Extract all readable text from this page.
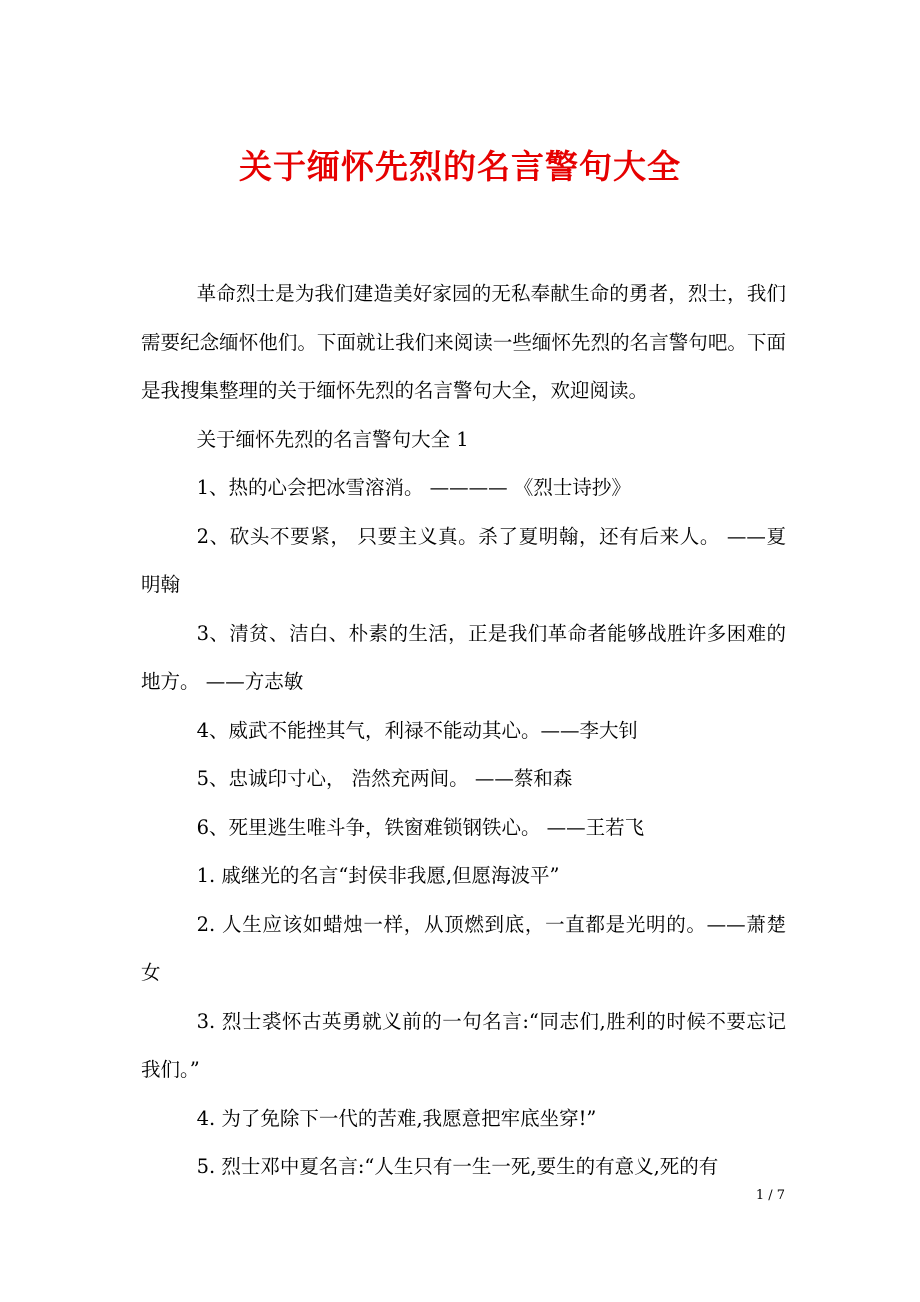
关于缅怀先烈的名言警句大全

革命烈士是为我们建造美好家园的无私奉献生命的勇者，烈士，我们需要纪念缅怀他们。下面就让我们来阅读一些缅怀先烈的名言警句吧。下面是我搜集整理的关于缅怀先烈的名言警句大全，欢迎阅读。

关于缅怀先烈的名言警句大全 1

1、热的心会把冰雪溶消。 ———— 《烈士诗抄》

2、砍头不要紧， 只要主义真。杀了夏明翰，还有后来人。 ——夏明翰

3、清贫、洁白、朴素的生活，正是我们革命者能够战胜许多困难的地方。 ——方志敏

4、威武不能挫其气，利禄不能动其心。——李大钊

5、忠诚印寸心， 浩然充两间。 ——蔡和森

6、死里逃生唯斗争，铁窗难锁钢铁心。 ——王若飞

1. 戚继光的名言“封侯非我愿,但愿海波平”

2. 人生应该如蜡烛一样，从顶燃到底，一直都是光明的。——萧楚女

3. 烈士裘怀古英勇就义前的一句名言:“同志们,胜利的时候不要忘记我们。”

4. 为了免除下一代的苦难,我愿意把牢底坐穿!”

5. 烈士邓中夏名言:“人生只有一生一死,要生的有意义,死的有

1 / 7
